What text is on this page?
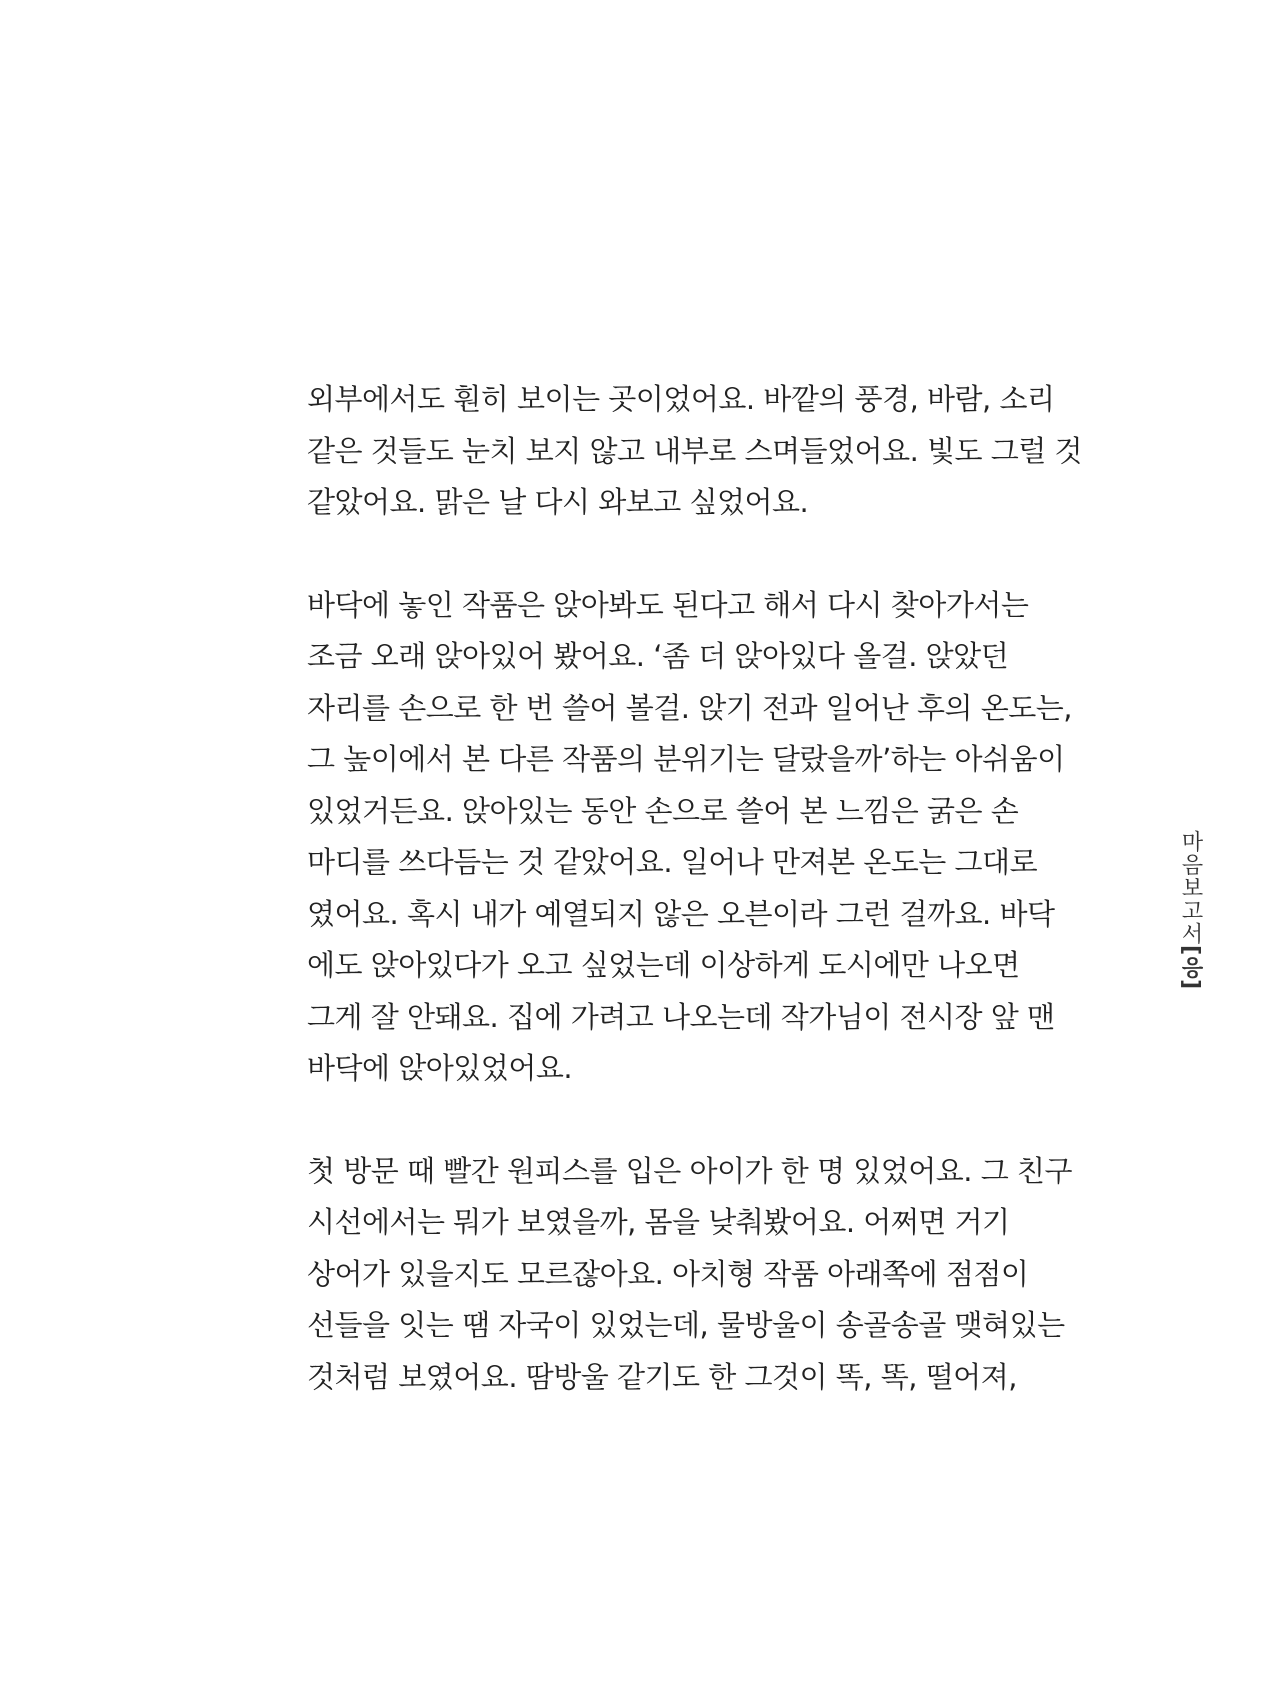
외부에서도 훤히 보이는 곳이었어요. 바깥의 풍경, 바람, 소리
같은 것들도 눈치 보지 않고 내부로 스며들었어요. 빛도 그럴 것
같았어요. 맑은 날 다시 와보고 싶었어요.
바닥에 놓인 작품은 앉아봐도 된다고 해서 다시 찾아가서는
조금 오래 앉아있어 봤어요. ‘좀 더 앉아있다 올걸. 앉았던
자리를 손으로 한 번 쓸어 볼걸. 앉기 전과 일어난 후의 온도는,
그 높이에서 본 다른 작품의 분위기는 달랐을까’하는 아쉬움이
있었거든요. 앉아있는 동안 손으로 쓸어 본 느낌은 굵은 손
마디를 쓰다듬는 것 같았어요. 일어나 만져본 온도는 그대로
였어요. 혹시 내가 예열되지 않은 오븐이라 그런 걸까요. 바닥
에도 앉아있다가 오고 싶었는데 이상하게 도시에만 나오면
그게 잘 안돼요. 집에 가려고 나오는데 작가님이 전시장 앞 맨
바닥에 앉아있었어요.
첫 방문 때 빨간 원피스를 입은 아이가 한 명 있었어요. 그 친구
시선에서는 뭐가 보였을까, 몸을 낮춰봤어요. 어쩌면 거기
상어가 있을지도 모르잖아요. 아치형 작품 아래쪽에 점점이
선들을 잇는 땜 자국이 있었는데, 물방울이 송골송골 맺혀있는
것처럼 보였어요. 땀방울 같기도 한 그것이 똑, 똑, 떨어져,
마음보고서[응]
